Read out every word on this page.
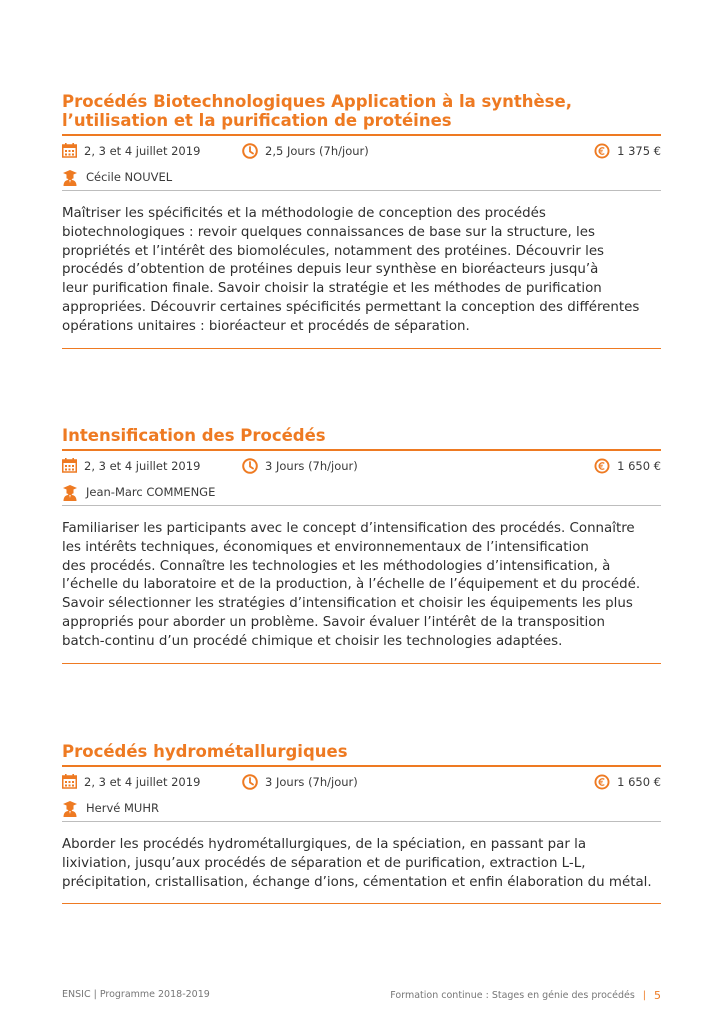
Procédés Biotechnologiques Application à la synthèse,
l’utilisation et la purification de protéines
2, 3 et 4 juillet 2019	2,5 Jours (7h/jour)	1 375 €
Cécile NOUVEL

Maîtriser les spécificités et la méthodologie de conception des procédés
biotechnologiques : revoir quelques connaissances de base sur la structure, les
propriétés et l’intérêt des biomolécules, notamment des protéines. Découvrir les
procédés d’obtention de protéines depuis leur synthèse en bioréacteurs jusqu’à
leur purification finale. Savoir choisir la stratégie et les méthodes de purification
appropriées. Découvrir certaines spécificités permettant la conception des différentes
opérations unitaires : bioréacteur et procédés de séparation.

Intensification des Procédés
2, 3 et 4 juillet 2019	3 Jours (7h/jour)	1 650 €
Jean-Marc COMMENGE

Familiariser les participants avec le concept d’intensification des procédés. Connaître
les intérêts techniques, économiques et environnementaux de l’intensification
des procédés. Connaître les technologies et les méthodologies d’intensification, à
l’échelle du laboratoire et de la production, à l’échelle de l’équipement et du procédé.
Savoir sélectionner les stratégies d’intensification et choisir les équipements les plus
appropriés pour aborder un problème. Savoir évaluer l’intérêt de la transposition
batch-continu d’un procédé chimique et choisir les technologies adaptées.

Procédés hydrométallurgiques
2, 3 et 4 juillet 2019	3 Jours (7h/jour)	1 650 €
Hervé MUHR

Aborder les procédés hydrométallurgiques, de la spéciation, en passant par la
lixiviation, jusqu’aux procédés de séparation et de purification, extraction L-L,
précipitation, cristallisation, échange d’ions, cémentation et enfin élaboration du métal.

ENSIC | Programme 2018-2019	Formation continue : Stages en génie des procédés | 5
